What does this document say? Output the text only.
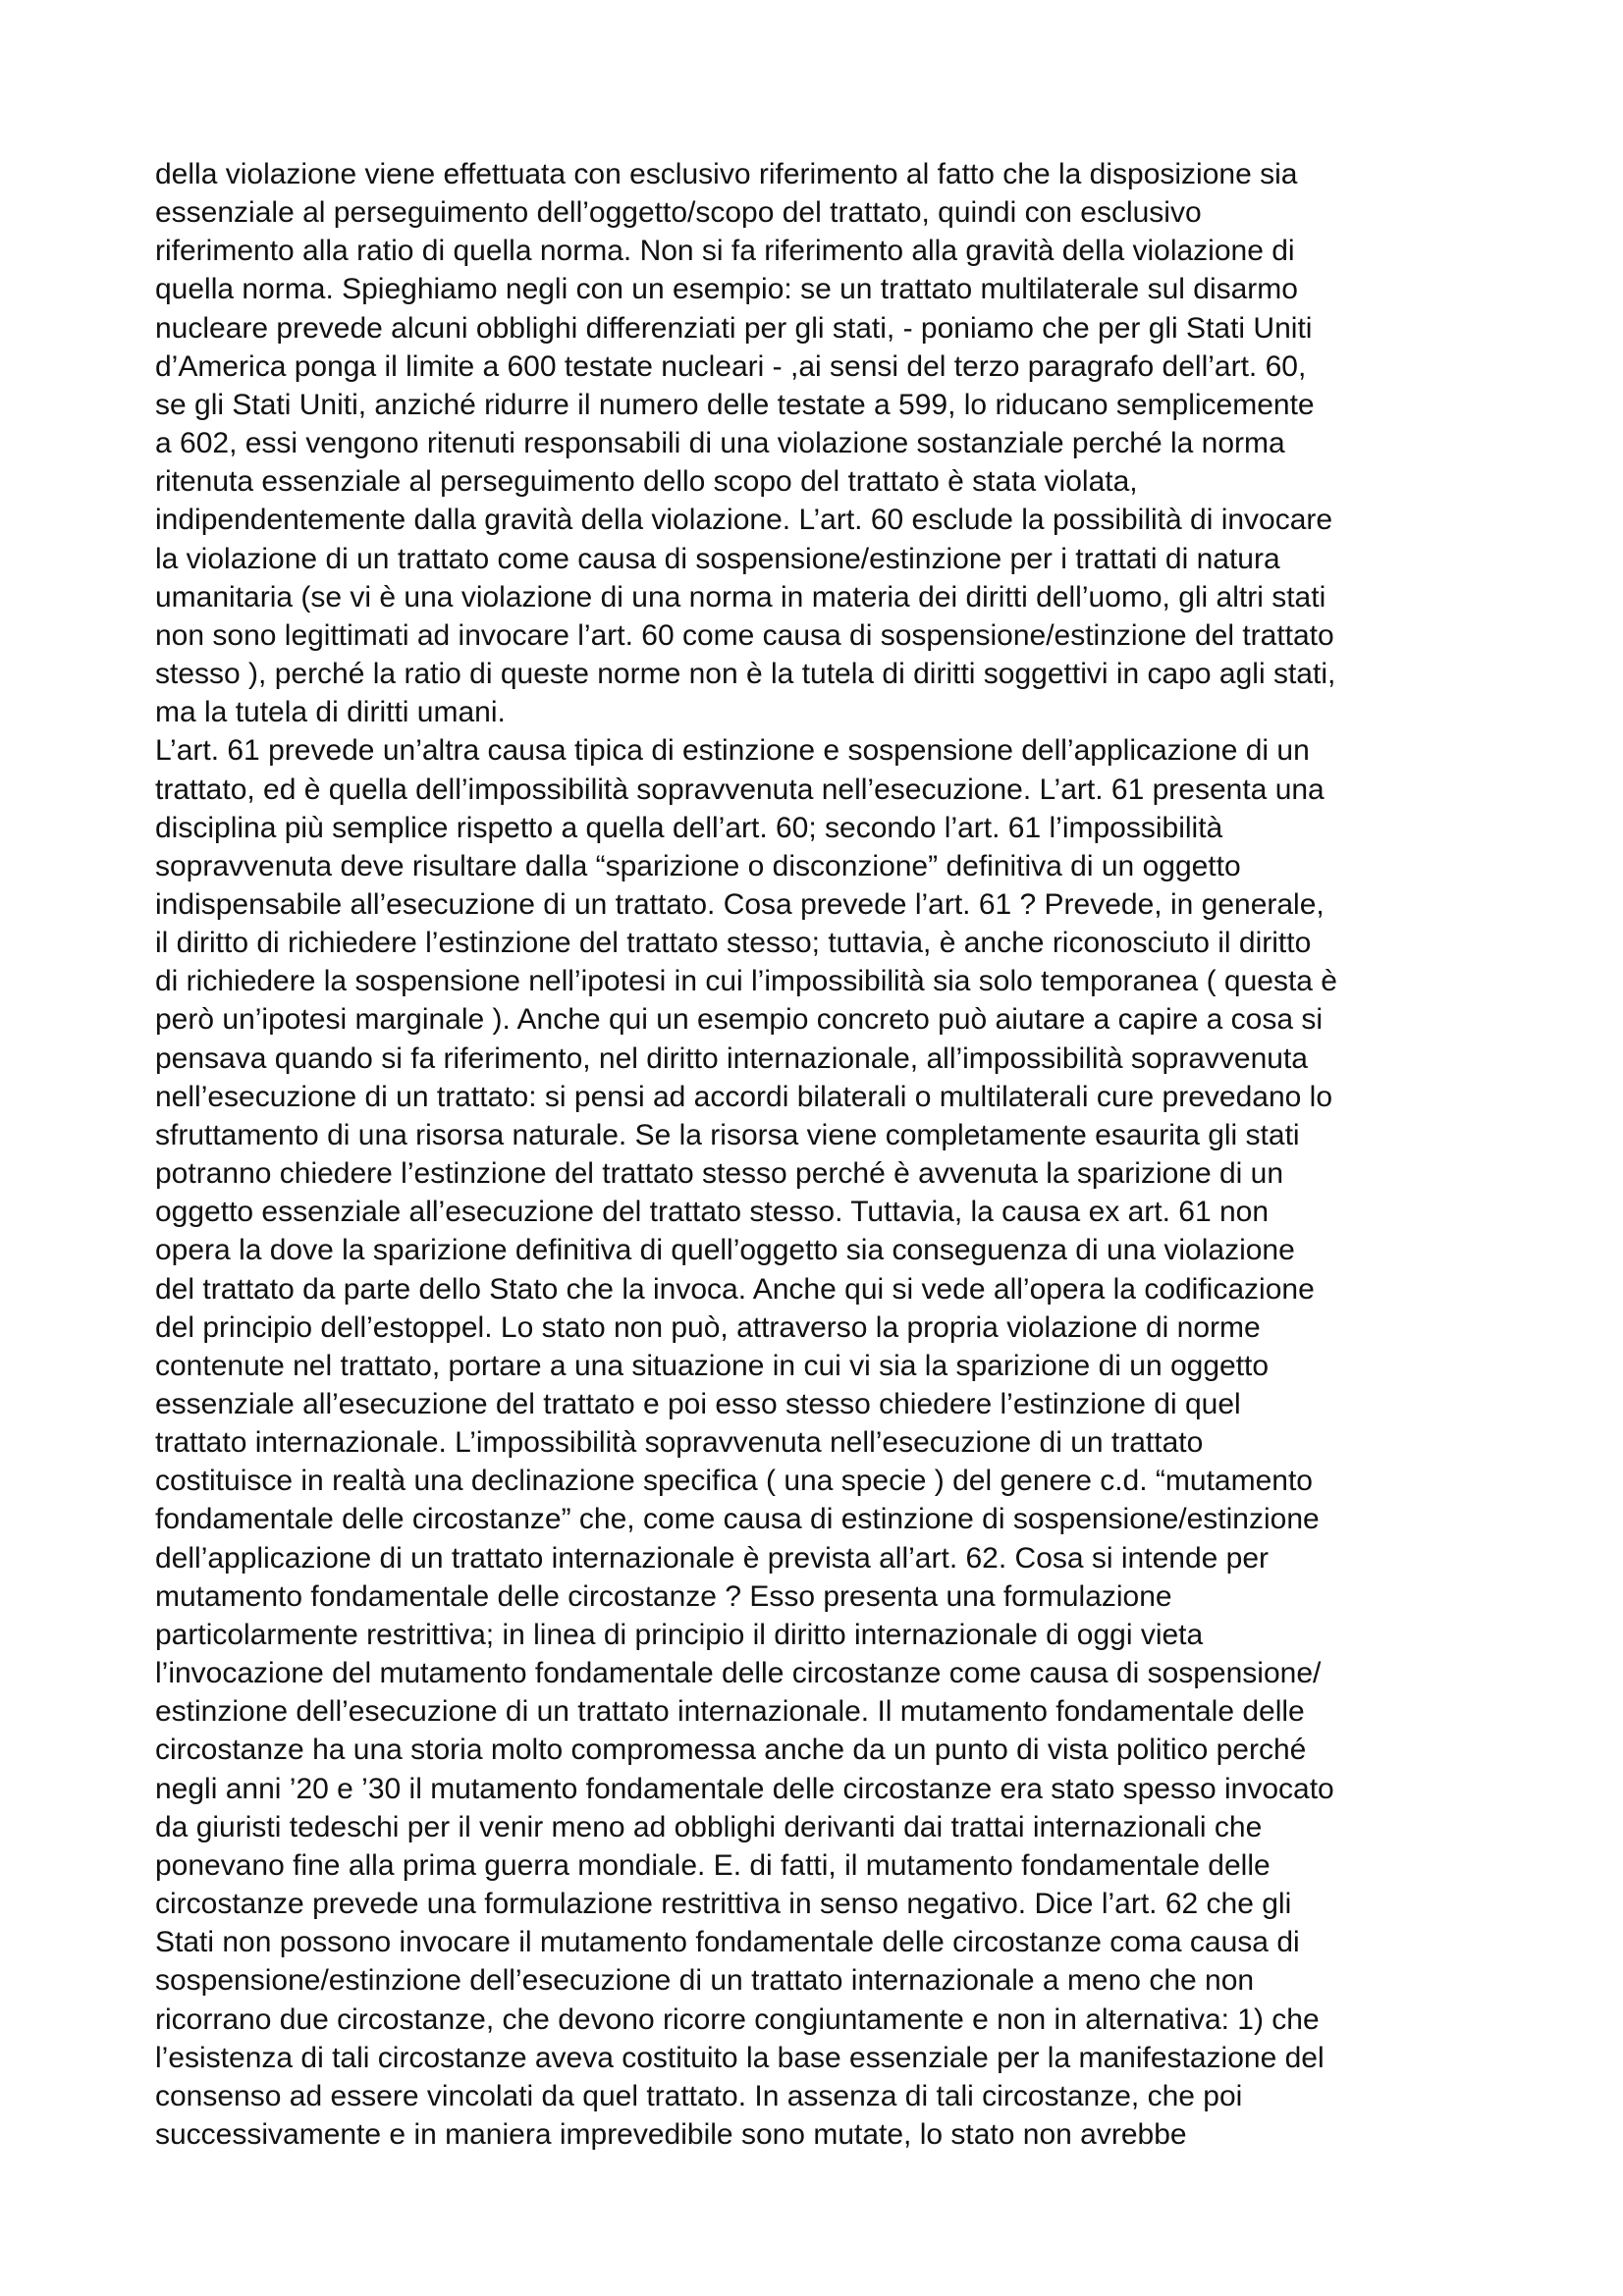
della violazione viene effettuata con esclusivo riferimento al fatto che la disposizione sia

essenziale al perseguimento dell’oggetto/scopo del trattato, quindi con esclusivo

riferimento alla ratio di quella norma. Non si fa riferimento alla gravità della violazione di

quella norma. Spieghiamo negli con un esempio: se un trattato multilaterale sul disarmo

nucleare prevede alcuni obblighi differenziati per gli stati, - poniamo che per gli Stati Uniti

d’America ponga il limite a 600 testate nucleari - ,ai sensi del terzo paragrafo dell’art. 60,

se gli Stati Uniti, anziché ridurre il numero delle testate a 599, lo riducano semplicemente

a 602, essi vengono ritenuti responsabili di una violazione sostanziale perché la norma

ritenuta essenziale al perseguimento dello scopo del trattato è stata violata,

indipendentemente dalla gravità della violazione. L’art. 60 esclude la possibilità di invocare

la violazione di un trattato come causa di sospensione/estinzione per i trattati di natura

umanitaria (se vi è una violazione di una norma in materia dei diritti dell’uomo, gli altri stati

non sono legittimati ad invocare l’art. 60 come causa di sospensione/estinzione del trattato

stesso ), perché la ratio di queste norme non è la tutela di diritti soggettivi in capo agli stati,

ma la tutela di diritti umani.

L’art. 61 prevede un’altra causa tipica di estinzione e sospensione dell’applicazione di un

trattato, ed è quella dell’impossibilità sopravvenuta nell’esecuzione. L’art. 61 presenta una

disciplina più semplice rispetto a quella dell’art. 60; secondo l’art. 61 l’impossibilità

sopravvenuta deve risultare dalla “sparizione o disconzione” definitiva di un oggetto

indispensabile all’esecuzione di un trattato. Cosa prevede l’art. 61 ? Prevede, in generale,

il diritto di richiedere l’estinzione del trattato stesso; tuttavia, è anche riconosciuto il diritto

di richiedere la sospensione nell’ipotesi in cui l’impossibilità sia solo temporanea ( questa è

però un’ipotesi marginale ). Anche qui un esempio concreto può aiutare a capire a cosa si

pensava quando si fa riferimento, nel diritto internazionale, all’impossibilità sopravvenuta

nell’esecuzione di un trattato: si pensi ad accordi bilaterali o multilaterali cure prevedano lo

sfruttamento di una risorsa naturale. Se la risorsa viene completamente esaurita gli stati

potranno chiedere l’estinzione del trattato stesso perché è avvenuta la sparizione di un

oggetto essenziale all’esecuzione del trattato stesso. Tuttavia, la causa ex art. 61 non

opera la dove la sparizione definitiva di quell’oggetto sia conseguenza di una violazione

del trattato da parte dello Stato che la invoca. Anche qui si vede all’opera la codificazione

del principio dell’estoppel. Lo stato non può, attraverso la propria violazione di norme

contenute nel trattato, portare a una situazione in cui vi sia la sparizione di un oggetto

essenziale all’esecuzione del trattato e poi esso stesso chiedere l’estinzione di quel

trattato internazionale. L’impossibilità sopravvenuta nell’esecuzione di un trattato

costituisce in realtà una declinazione specifica ( una specie ) del genere c.d. “mutamento

fondamentale delle circostanze” che, come causa di estinzione di sospensione/estinzione

dell’applicazione di un trattato internazionale è prevista all’art. 62. Cosa si intende per

mutamento fondamentale delle circostanze ? Esso presenta una formulazione

particolarmente restrittiva; in linea di principio il diritto internazionale di oggi vieta

l’invocazione del mutamento fondamentale delle circostanze come causa di sospensione/

estinzione dell’esecuzione di un trattato internazionale. Il mutamento fondamentale delle

circostanze ha una storia molto compromessa anche da un punto di vista politico perché

negli anni ’20 e ’30 il mutamento fondamentale delle circostanze era stato spesso invocato

da giuristi tedeschi per il venir meno ad obblighi derivanti dai trattai internazionali che

ponevano fine alla prima guerra mondiale. E. di fatti, il mutamento fondamentale delle

circostanze prevede una formulazione restrittiva in senso negativo. Dice l’art. 62 che gli

Stati non possono invocare il mutamento fondamentale delle circostanze coma causa di

sospensione/estinzione dell’esecuzione di un trattato internazionale a meno che non

ricorrano due circostanze, che devono ricorre congiuntamente e non in alternativa: 1) che

l’esistenza di tali circostanze aveva costituito la base essenziale per la manifestazione del

consenso ad essere vincolati da quel trattato. In assenza di tali circostanze, che poi

successivamente e in maniera imprevedibile sono mutate, lo stato non avrebbe
